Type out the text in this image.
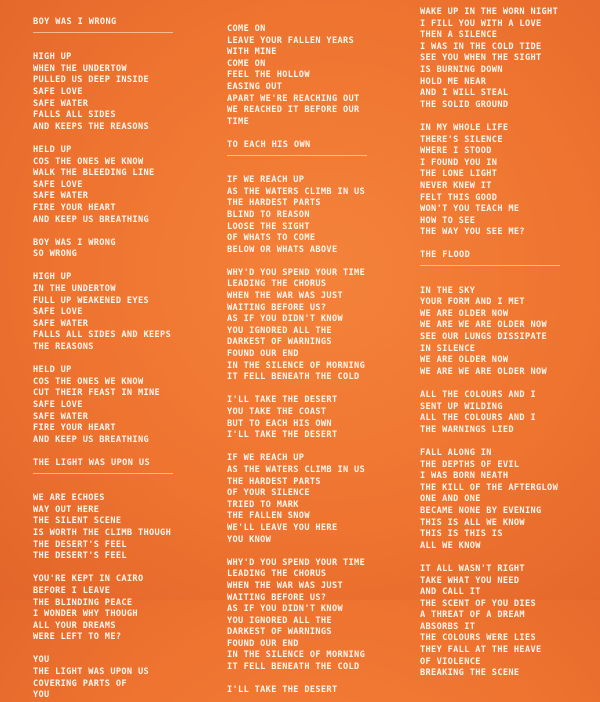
BOY WAS I WRONG
HIGH UP
WHEN THE UNDERTOW
PULLED US DEEP INSIDE
SAFE LOVE
SAFE WATER
FALLS ALL SIDES
AND KEEPS THE REASONS
HELD UP
COS THE ONES WE KNOW
WALK THE BLEEDING LINE
SAFE LOVE
SAFE WATER
FIRE YOUR HEART
AND KEEP US BREATHING
BOY WAS I WRONG
SO WRONG
HIGH UP
IN THE UNDERTOW
FULL UP WEAKENED EYES
SAFE LOVE
SAFE WATER
FALLS ALL SIDES AND KEEPS
THE REASONS
HELD UP
COS THE ONES WE KNOW
CUT THEIR FEAST IN MINE
SAFE LOVE
SAFE WATER
FIRE YOUR HEART
AND KEEP US BREATHING
THE LIGHT WAS UPON US
WE ARE ECHOES
WAY OUT HERE
THE SILENT SCENE
IS WORTH THE CLIMB THOUGH
THE DESERT'S FEEL
THE DESERT'S FEEL
YOU'RE KEPT IN CAIRO
BEFORE I LEAVE
THE BLINDING PEACE
I WONDER WHY THOUGH
ALL YOUR DREAMS
WERE LEFT TO ME?
YOU
THE LIGHT WAS UPON US
COVERING PARTS OF
YOU
COME ON
LEAVE YOUR FALLEN YEARS
WITH MINE
COME ON
FEEL THE HOLLOW
EASING OUT
APART WE'RE REACHING OUT
WE REACHED IT BEFORE OUR
TIME
TO EACH HIS OWN
IF WE REACH UP
AS THE WATERS CLIMB IN US
THE HARDEST PARTS
BLIND TO REASON
LOOSE THE SIGHT
OF WHATS TO COME
BELOW OR WHATS ABOVE
WHY'D YOU SPEND YOUR TIME
LEADING THE CHORUS
WHEN THE WAR WAS JUST
WAITING BEFORE US?
AS IF YOU DIDN'T KNOW
YOU IGNORED ALL THE
DARKEST OF WARNINGS
FOUND OUR END
IN THE SILENCE OF MORNING
IT FELL BENEATH THE COLD
I'LL TAKE THE DESERT
YOU TAKE THE COAST
BUT TO EACH HIS OWN
I'LL TAKE THE DESERT
IF WE REACH UP
AS THE WATERS CLIMB IN US
THE HARDEST PARTS
OF YOUR SILENCE
TRIED TO MARK
THE FALLEN SNOW
WE'LL LEAVE YOU HERE
YOU KNOW
WHY'D YOU SPEND YOUR TIME
LEADING THE CHORUS
WHEN THE WAR WAS JUST
WAITING BEFORE US?
AS IF YOU DIDN'T KNOW
YOU IGNORED ALL THE
DARKEST OF WARNINGS
FOUND OUR END
IN THE SILENCE OF MORNING
IT FELL BENEATH THE COLD
I'LL TAKE THE DESERT
WAKE UP IN THE WORN NIGHT
I FILL YOU WITH A LOVE
THEN A SILENCE
I WAS IN THE COLD TIDE
SEE YOU WHEN THE SIGHT
IS BURNING DOWN
HOLD ME NEAR
AND I WILL STEAL
THE SOLID GROUND
IN MY WHOLE LIFE
THERE'S SILENCE
WHERE I STOOD
I FOUND YOU IN
THE LONE LIGHT
NEVER KNEW IT
FELT THIS GOOD
WON'T YOU TEACH ME
HOW TO SEE
THE WAY YOU SEE ME?
THE FLOOD
IN THE SKY
YOUR FORM AND I MET
WE ARE OLDER NOW
WE ARE WE ARE OLDER NOW
SEE OUR LUNGS DISSIPATE
IN SILENCE
WE ARE OLDER NOW
WE ARE WE ARE OLDER NOW
ALL THE COLOURS AND I
SENT UP WILDING
ALL THE COLOURS AND I
THE WARNINGS LIED
FALL ALONG IN
THE DEPTHS OF EVIL
I WAS BORN NEATH
THE KILL OF THE AFTERGLOW
ONE AND ONE
BECAME NONE BY EVENING
THIS IS ALL WE KNOW
THIS IS THIS IS
ALL WE KNOW
IT ALL WASN'T RIGHT
TAKE WHAT YOU NEED
AND CALL IT
THE SCENT OF YOU DIES
A THREAT OF A DREAM
ABSORBS IT
THE COLOURS WERE LIES
THEY FALL AT THE HEAVE
OF VIOLENCE
BREAKING THE SCENE
